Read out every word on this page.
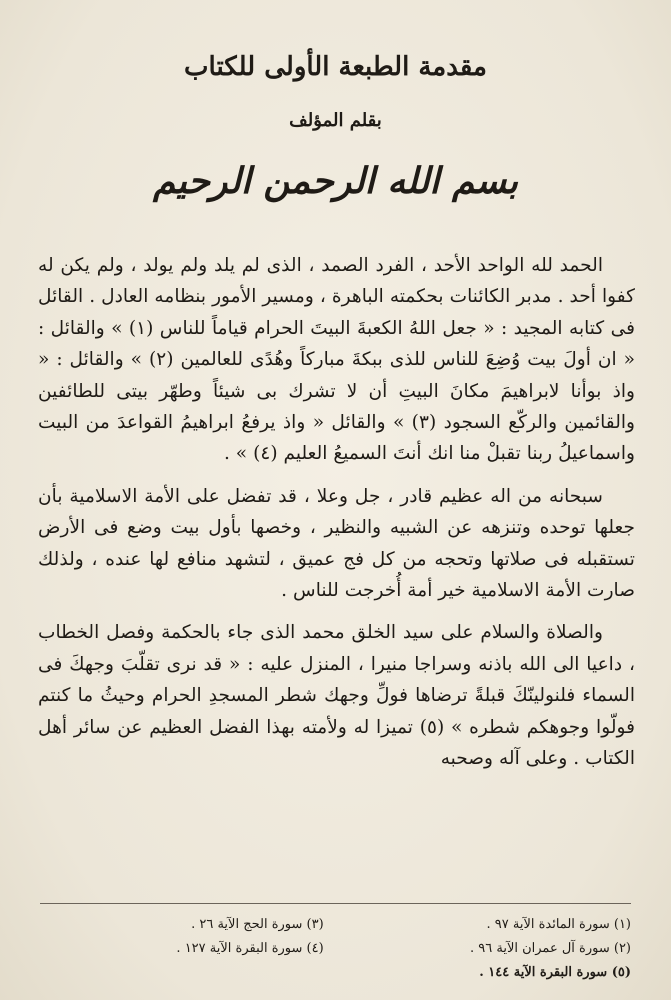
مقدمة الطبعة الأولى للكتاب
بقلم المؤلف
بسم الله الرحمن الرحيم

الحمد لله الواحد الأحد ، الفرد الصمد ، الذى لم يلد ولم يولد ، ولم يكن له كفوا أحد . مدبر الكائنات بحكمته الباهرة ، ومسير الأمور بنظامه العادل . القائل فى كتابه المجيد : « جعل اللهُ الكعبةَ البيتَ الحرام قياماً للناس (١) » والقائل : « ان أولَ بيت وُضِعَ للناس للذى ببكةَ مباركاً وهُدًى للعالمين (٢) » والقائل : « واذ بوأنا لابراهيمَ مكانَ البيتِ أن لا تشرك بى شيئاً وطهّر بيتى للطائفين والقائمين والركّع السجود (٣) » والقائل « واذ يرفعُ ابراهيمُ القواعدَ من البيت واسماعيلُ ربنا تقبلْ منا انك أنتَ السميعُ العليم (٤) » .

سبحانه من اله عظيم قادر ، جل وعلا ، قد تفضل على الأمة الاسلامية بأن جعلها توحده وتنزهه عن الشبيه والنظير ، وخصها بأول بيت وضع فى الأرض تستقبله فى صلاتها وتحجه من كل فج عميق ، لتشهد منافع لها عنده ، ولذلك صارت الأمة الاسلامية خير أمة أُخرجت للناس .

والصلاة والسلام على سيد الخلق محمد الذى جاء بالحكمة وفصل الخطاب ، داعيا الى الله باذنه وسراجا منيرا ، المنزل عليه : « قد نرى تقلّبَ وجهكَ فى السماء فلنولينّكَ قبلةً ترضاها فولِّ وجهك شطر المسجدِ الحرام وحيثُ ما كنتم فولّوا وجوهكم شطره » (٥) تميزا له ولأمته بهذا الفضل العظيم عن سائر أهل الكتاب . وعلى آله وصحبه

(١) سورة المائدة الآية ٩٧ .
(٢) سورة آل عمران الآية ٩٦ .
(٥) سورة البقرة الآية ١٤٤ .
(٣) سورة الحج الآية ٢٦ .
(٤) سورة البقرة الآية ١٢٧ .
